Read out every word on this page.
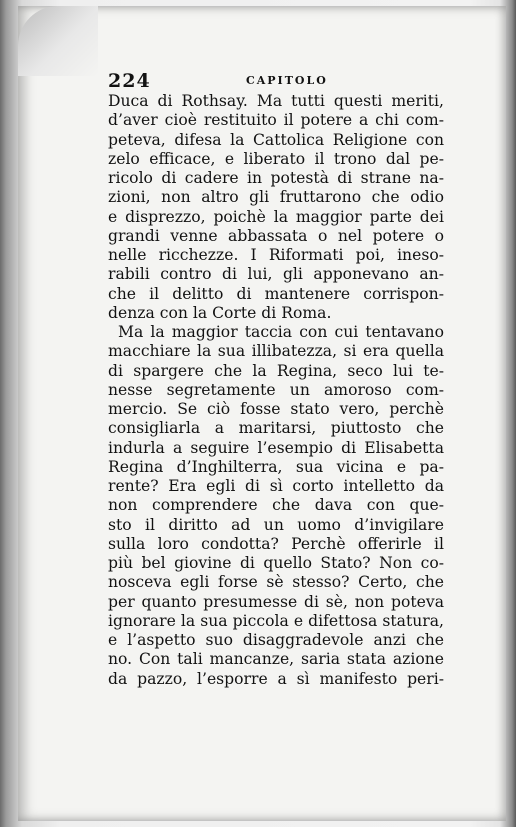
224	CAPITOLO
Duca di Rothsay. Ma tutti questi meriti,
d’aver cioè restituito il potere a chi com-
peteva, difesa la Cattolica Religione con
zelo efficace, e liberato il trono dal pe-
ricolo di cadere in potestà di strane na-
zioni, non altro gli fruttarono che odio
e disprezzo, poichè la maggior parte dei
grandi venne abbassata o nel potere o
nelle ricchezze. I Riformati poi, ineso-
rabili contro di lui, gli apponevano an-
che il delitto di mantenere corrispon-
denza con la Corte di Roma.
Ma la maggior taccia con cui tentavano
macchiare la sua illibatezza, si era quella
di spargere che la Regina, seco lui te-
nesse segretamente un amoroso com-
mercio. Se ciò fosse stato vero, perchè
consigliarla a maritarsi, piuttosto che
indurla a seguire l’esempio di Elisabetta
Regina d’Inghilterra, sua vicina e pa-
rente? Era egli di sì corto intelletto da
non comprendere che dava con que-
sto il diritto ad un uomo d’invigilare
sulla loro condotta? Perchè offerirle il
più bel giovine di quello Stato? Non co-
nosceva egli forse sè stesso? Certo, che
per quanto presumesse di sè, non poteva
ignorare la sua piccola e difettosa statura,
e l’aspetto suo disaggradevole anzi che
no. Con tali mancanze, saria stata azione
da pazzo, l’esporre a sì manifesto peri-
